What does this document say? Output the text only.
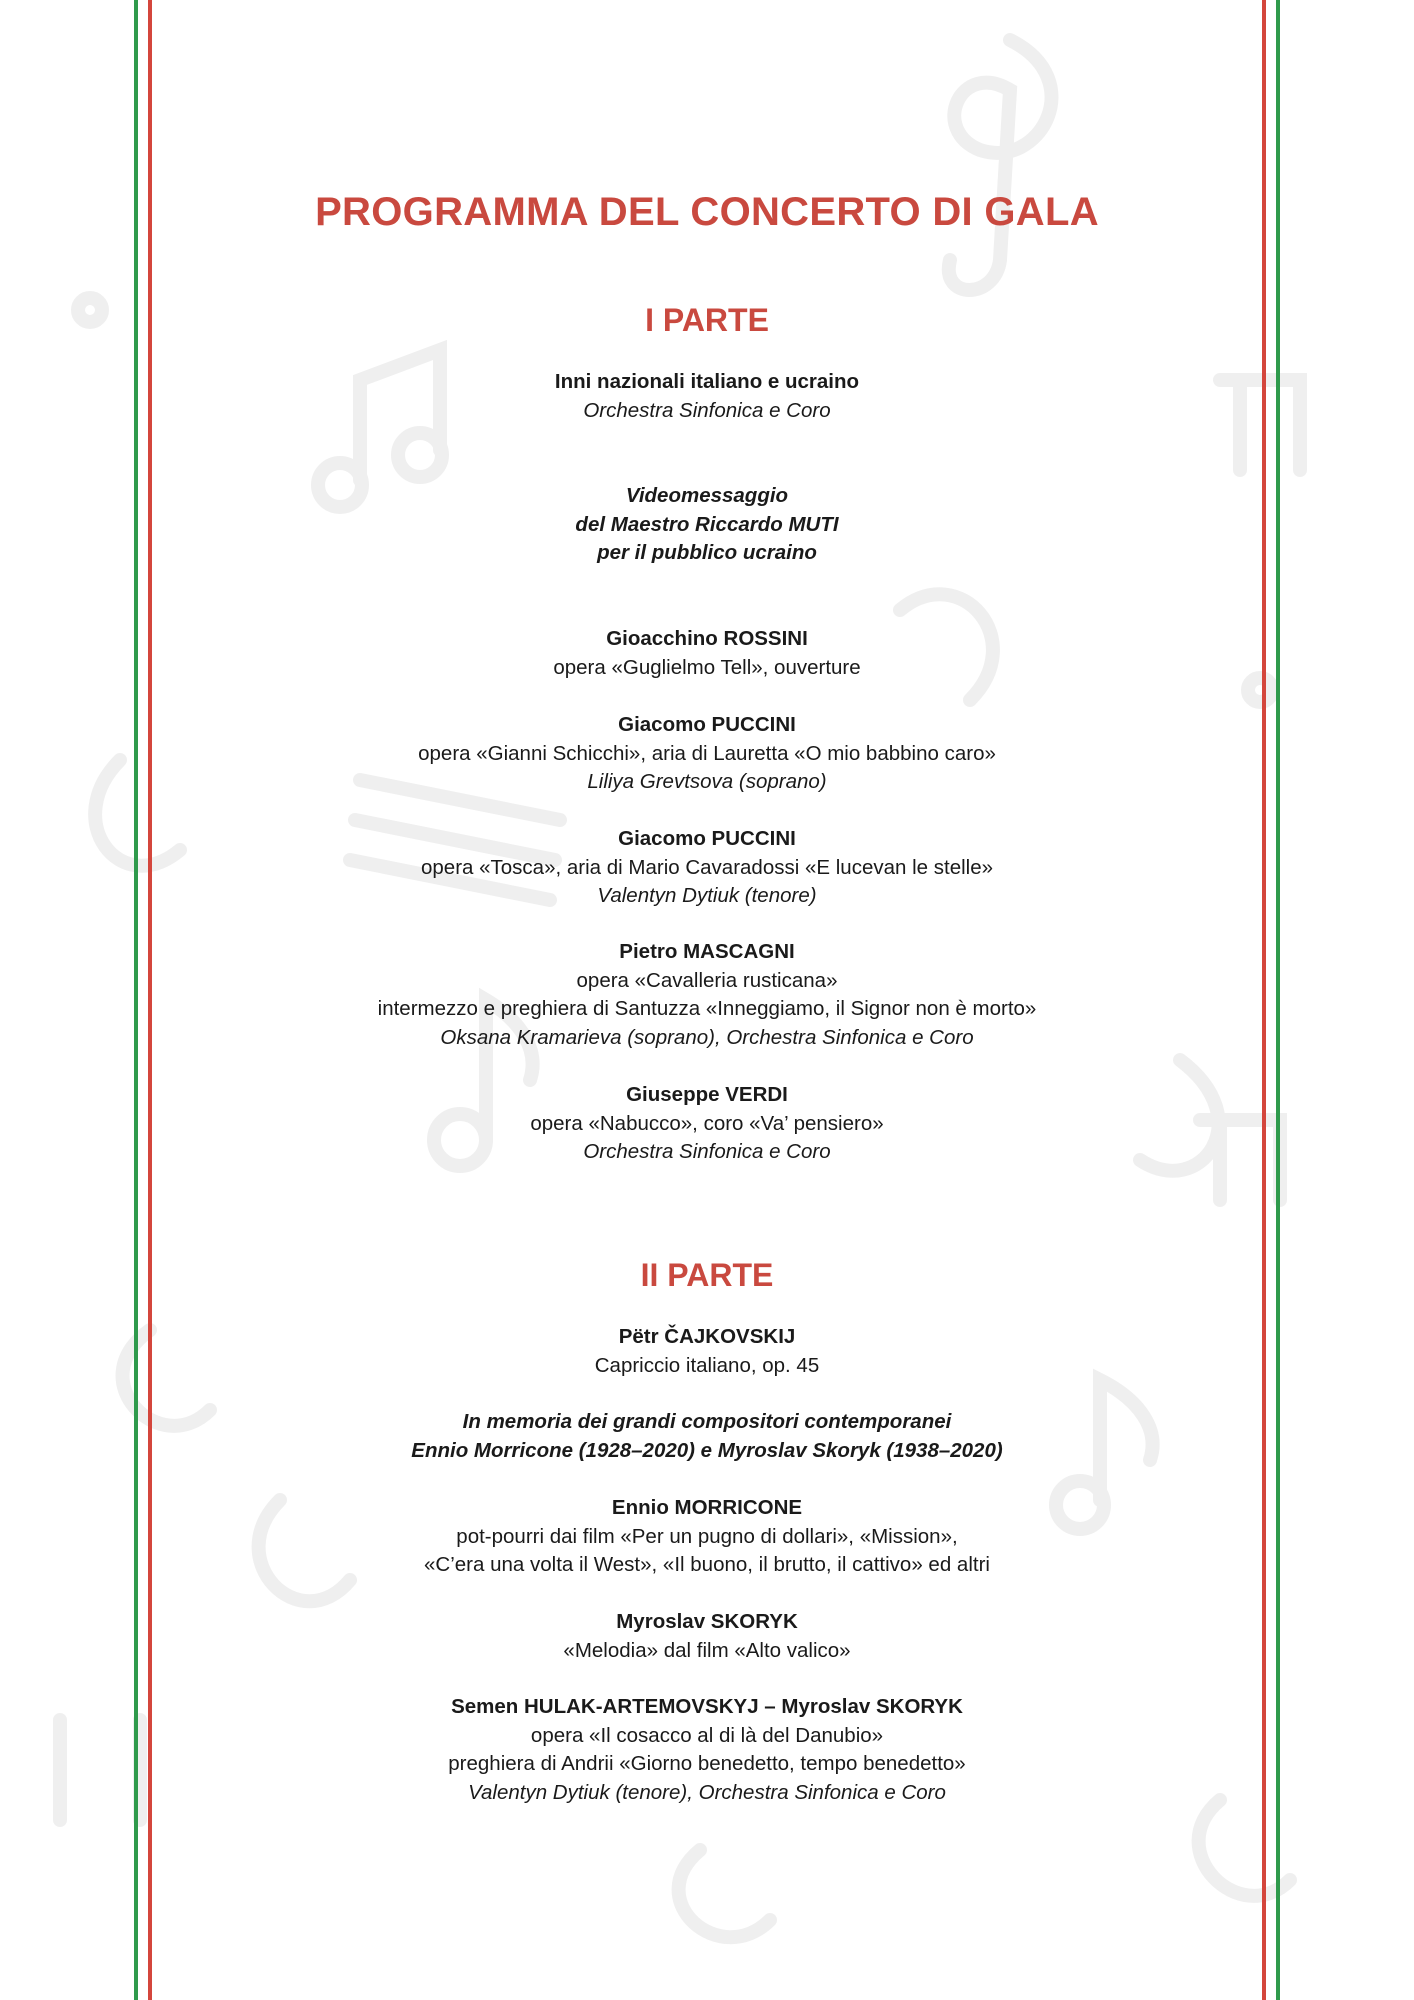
PROGRAMMA DEL CONCERTO DI GALA
I PARTE
Inni nazionali italiano e ucraino
Orchestra Sinfonica e Coro
Videomessaggio
del Maestro Riccardo MUTI
per il pubblico ucraino
Gioacchino ROSSINI
opera «Guglielmo Tell», ouverture
Giacomo PUCCINI
opera «Gianni Schicchi», aria di Lauretta «O mio babbino caro»
Liliya Grevtsova (soprano)
Giacomo PUCCINI
opera «Tosca», aria di Mario Cavaradossi «E lucevan le stelle»
Valentyn Dytiuk (tenore)
Pietro MASCAGNI
opera «Cavalleria rusticana»
intermezzo e preghiera di Santuzza «Inneggiamo, il Signor non è morto»
Oksana Kramarieva (soprano), Orchestra Sinfonica e Coro
Giuseppe VERDI
opera «Nabucco», coro «Va’ pensiero»
Orchestra Sinfonica e Coro
II PARTE
Pëtr ČAJKOVSKIJ
Capriccio italiano, op. 45
In memoria dei grandi compositori contemporanei
Ennio Morricone (1928–2020) e Myroslav Skoryk (1938–2020)
Ennio MORRICONE
pot-pourri dai film «Per un pugno di dollari», «Mission»,
«C’era una volta il West», «Il buono, il brutto, il cattivo» ed altri
Myroslav SKORYK
«Melodia» dal film «Alto valico»
Semen HULAK-ARTEMOVSKYJ – Myroslav SKORYK
opera «Il cosacco al di là del Danubio»
preghiera di Andrii «Giorno benedetto, tempo benedetto»
Valentyn Dytiuk (tenore), Orchestra Sinfonica e Coro
